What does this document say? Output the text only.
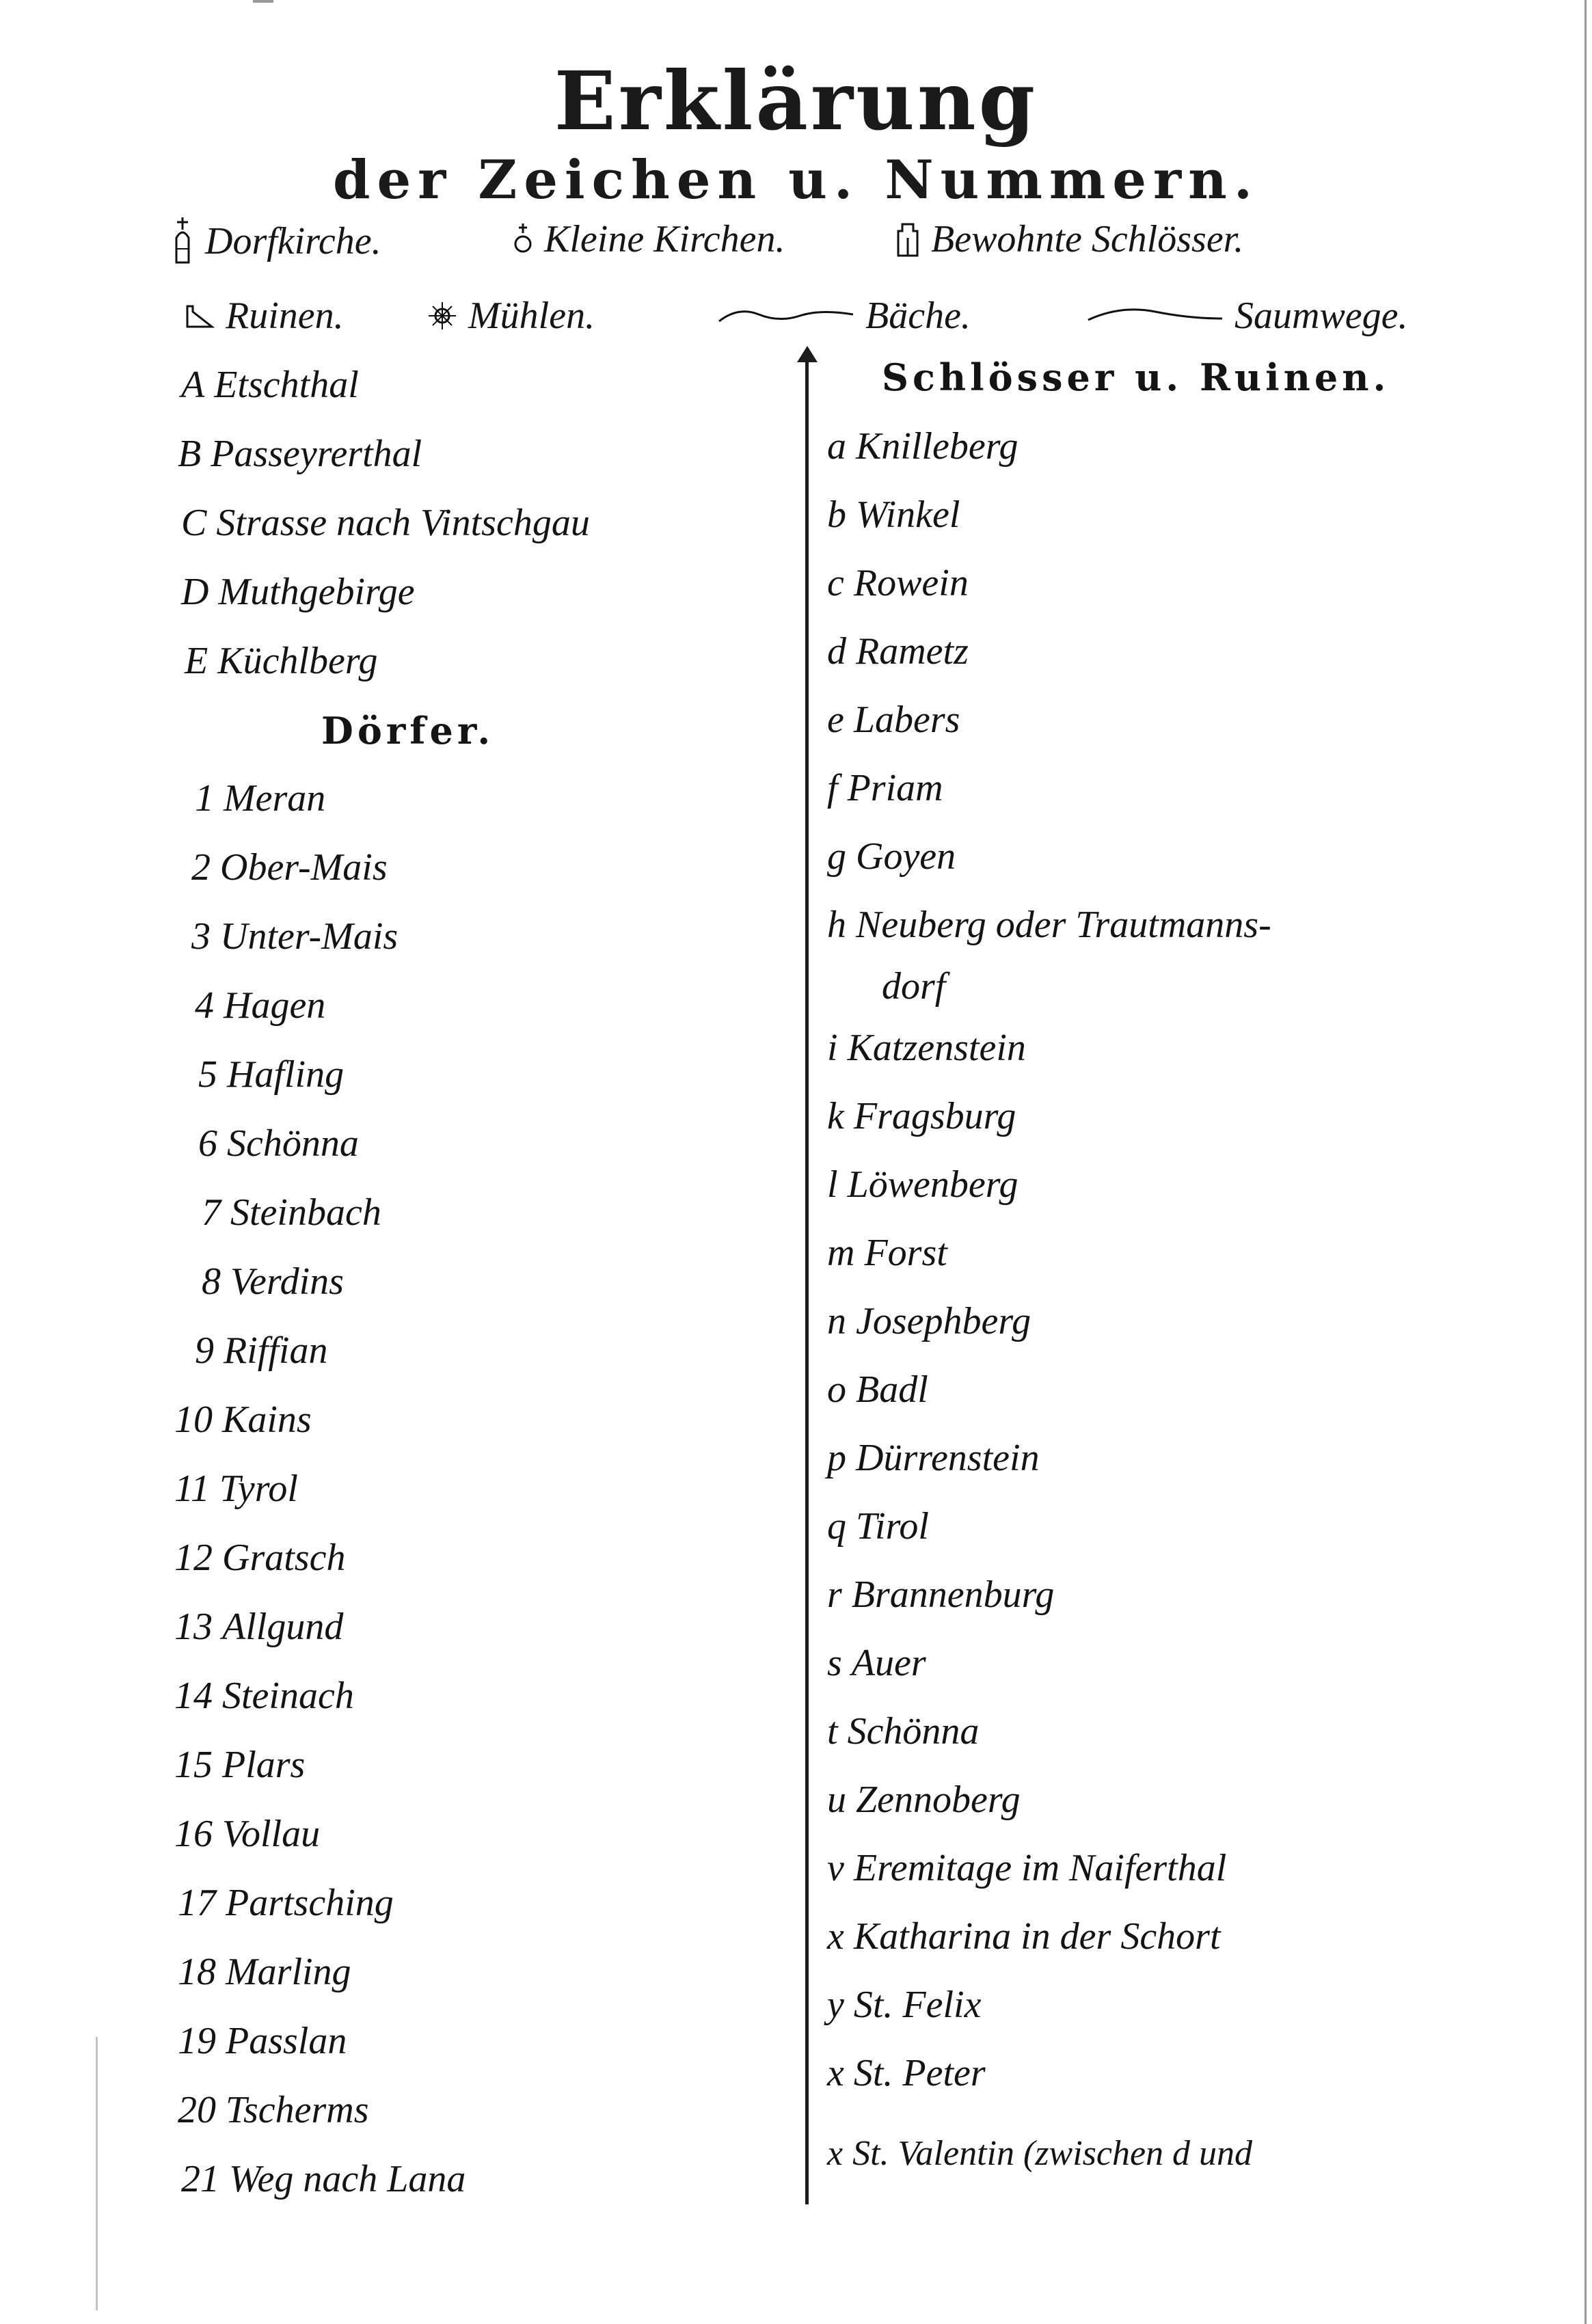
Erklärung
der Zeichen u. Nummern.
Dorfkirche.	Kleine Kirchen.	Bewohnte Schlösser.
Ruinen.	Mühlen.	Bäche.	Saumwege.
A Etschthal
B Passeyrerthal
C Strasse nach Vintschgau
D Muthgebirge
E Küchlberg
Dörfer.
1 Meran
2 Ober-Mais
3 Unter-Mais
4 Hagen
5 Hafling
6 Schönna
7 Steinbach
8 Verdins
9 Riffian
10 Kains
11 Tyrol
12 Gratsch
13 Allgund
14 Steinach
15 Plars
16 Vollau
17 Partsching
18 Marling
19 Passlan
20 Tscherms
21 Weg nach Lana
Schlösser u. Ruinen.
a Knilleberg
b Winkel
c Rowein
d Rametz
e Labers
f Priam
g Goyen
h Neuberg oder Trautmanns-
dorf
i Katzenstein
k Fragsburg
l Löwenberg
m Forst
n Josephberg
o Badl
p Dürrenstein
q Tirol
r Brannenburg
s Auer
t Schönna
u Zennoberg
v Eremitage im Naiferthal
x Katharina in der Schort
y St. Felix
x St. Peter
x St. Valentin (zwischen d und
